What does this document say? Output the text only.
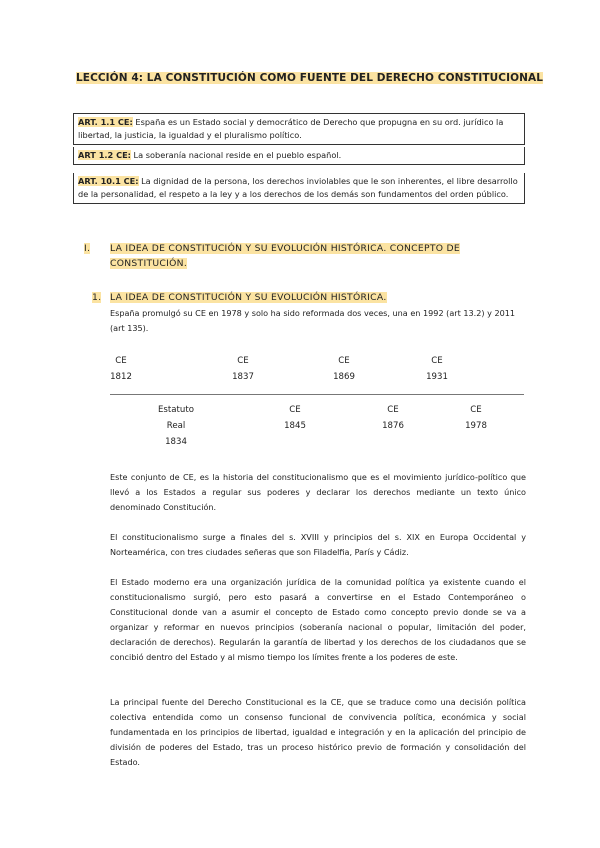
LECCIÓN 4: LA CONSTITUCIÓN COMO FUENTE DEL DERECHO CONSTITUCIONAL
ART. 1.1 CE: España es un Estado social y democrático de Derecho que propugna en su ord. jurídico la libertad, la justicia, la igualdad y el pluralismo político.
ART 1.2 CE: La soberanía nacional reside en el pueblo español.
ART. 10.1 CE: La dignidad de la persona, los derechos inviolables que le son inherentes, el libre desarrollo de la personalidad, el respeto a la ley y a los derechos de los demás son fundamentos del orden público.
I. LA IDEA DE CONSTITUCIÓN Y SU EVOLUCIÓN HISTÓRICA. CONCEPTO DE
CONSTITUCIÓN.
1. LA IDEA DE CONSTITUCIÓN Y SU EVOLUCIÓN HISTÓRICA.
España promulgó su CE en 1978 y solo ha sido reformada dos veces, una en 1992 (art 13.2) y 2011 (art 135).
CE
1812
CE
1837
CE
1869
CE
1931
Estatuto
Real
1834
CE
1845
CE
1876
CE
1978
Este conjunto de CE, es la historia del constitucionalismo que es el movimiento jurídico-político que llevó a los Estados a regular sus poderes y declarar los derechos mediante un texto único denominado Constitución.
El constitucionalismo surge a finales del s. XVIII y principios del s. XIX en Europa Occidental y Norteamérica, con tres ciudades señeras que son Filadelfia, París y Cádiz.
El Estado moderno era una organización jurídica de la comunidad política ya existente cuando el constitucionalismo surgió, pero esto pasará a convertirse en el Estado Contemporáneo o Constitucional donde van a asumir el concepto de Estado como concepto previo donde se va a organizar y reformar en nuevos principios (soberanía nacional o popular, limitación del poder, declaración de derechos). Regularán la garantía de libertad y los derechos de los ciudadanos que se concibió dentro del Estado y al mismo tiempo los límites frente a los poderes de este.
La principal fuente del Derecho Constitucional es la CE, que se traduce como una decisión política colectiva entendida como un consenso funcional de convivencia política, económica y social fundamentada en los principios de libertad, igualdad e integración y en la aplicación del principio de división de poderes del Estado, tras un proceso histórico previo de formación y consolidación del Estado.
